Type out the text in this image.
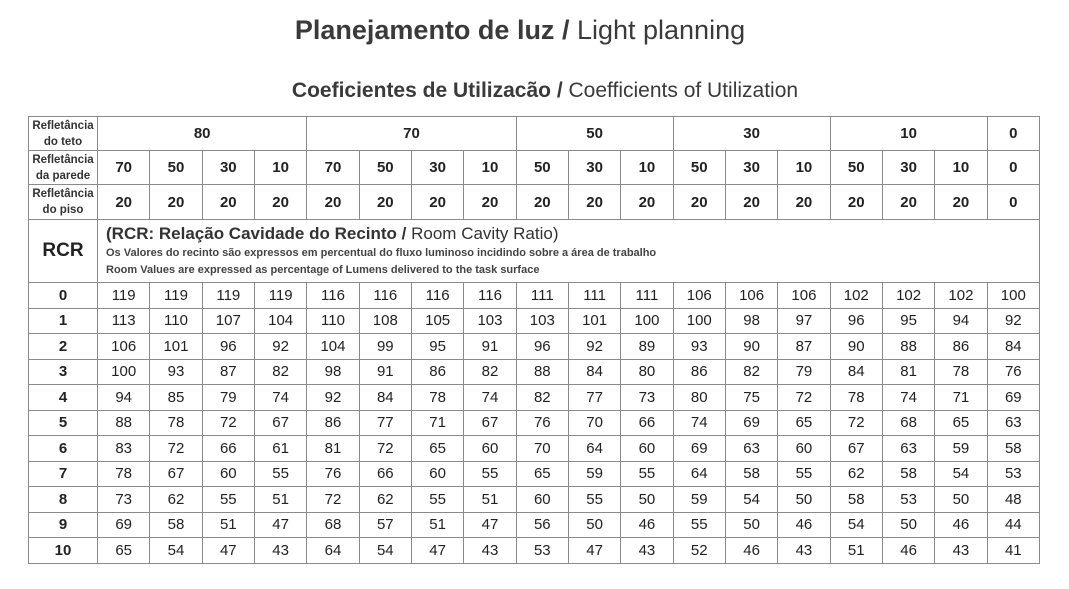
Planejamento de luz / Light planning
Coeficientes de Utilizacão / Coefficients of Utilization
Refletância
do teto	80				70				50			30			10			0
Refletância
da parede	70	50	30	10	70	50	30	10	50	30	10	50	30	10	50	30	10	0
Refletância
do piso	20	20	20	20	20	20	20	20	20	20	20	20	20	20	20	20	20	0
RCR	(RCR: Relação Cavidade do Recinto / Room Cavity Ratio)
Os Valores do recinto são expressos em percentual do fluxo luminoso incidindo sobre a área de trabalho
Room Values are expressed as percentage of Lumens delivered to the task surface																	

0	119	119	119	119	116	116	116	116	111	111	111	106	106	106	102	102	102	100
1	113	110	107	104	110	108	105	103	103	101	100	100	98	97	96	95	94	92
2	106	101	96	92	104	99	95	91	96	92	89	93	90	87	90	88	86	84
3	100	93	87	82	98	91	86	82	88	84	80	86	82	79	84	81	78	76
4	94	85	79	74	92	84	78	74	82	77	73	80	75	72	78	74	71	69
5	88	78	72	67	86	77	71	67	76	70	66	74	69	65	72	68	65	63
6	83	72	66	61	81	72	65	60	70	64	60	69	63	60	67	63	59	58
7	78	67	60	55	76	66	60	55	65	59	55	64	58	55	62	58	54	53
8	73	62	55	51	72	62	55	51	60	55	50	59	54	50	58	53	50	48
9	69	58	51	47	68	57	51	47	56	50	46	55	50	46	54	50	46	44
10	65	54	47	43	64	54	47	43	53	47	43	52	46	43	51	46	43	41
